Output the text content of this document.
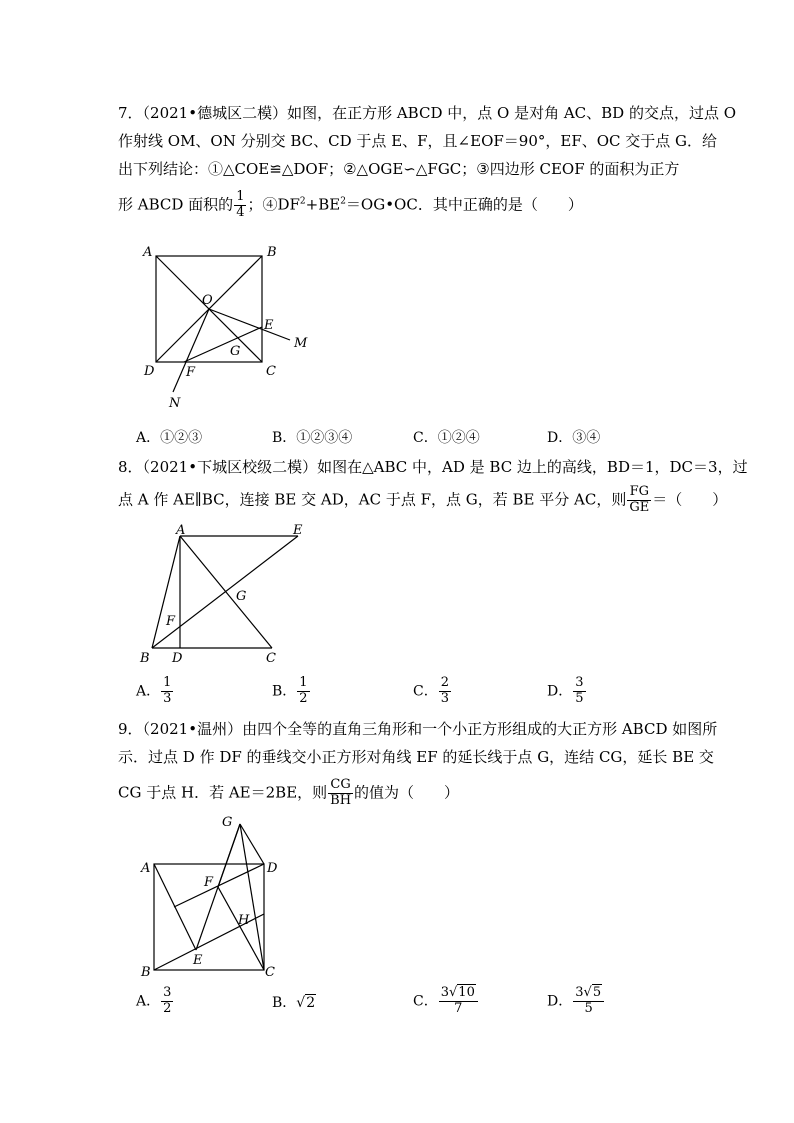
7．（2021•德城区二模）如图，在正方形 ABCD 中，点 O 是对角 AC、BD 的交点，过点 O
作射线 OM、ON 分别交 BC、CD 于点 E、F，且∠EOF＝90°，EF、OC 交于点 G．给
出下列结论：①△COE≌△DOF；②△OGE∽△FGC；③四边形 CEOF 的面积为正方
形 ABCD 面积的 $\frac{1}{4}$ ；$④DF^2+BE^2=OG•OC$．其中正确的是（　　）
A	B
C
D
O
E
F
G
M
N
A．①②③	B．①②③④	C．①②④	D．③④
8．（2021•下城区校级二模）如图在△ABC 中，AD 是 BC 边上的高线，BD＝1，DC＝3，过
点 A 作 AE∥BC，连接 BE 交 AD，AC 于点 F，点 G，若 BE 平分 AC，则 $\frac{FG}{GE}$ ＝（　　）
A	E
B D	C
F
G
A． $\frac{1}{3}$	B． $\frac{1}{2}$	C． $\frac{2}{3}$	D． $\frac{3}{5}$
9．（2021•温州）由四个全等的直角三角形和一个小正方形组成的大正方形 ABCD 如图所
示．过点 D 作 DF 的垂线交小正方形对角线 EF 的延长线于点 G，连结 CG，延长 BE 交
CG 于点 H．若 AE＝2BE，则 $\frac{CG}{BH}$ 的值为（　　）
A	D
B	C
G
F
H
E
A． $\frac{3}{2}$	B．√2	C． $\frac{3√10}{7}$	D． $\frac{3√5}{5}$
